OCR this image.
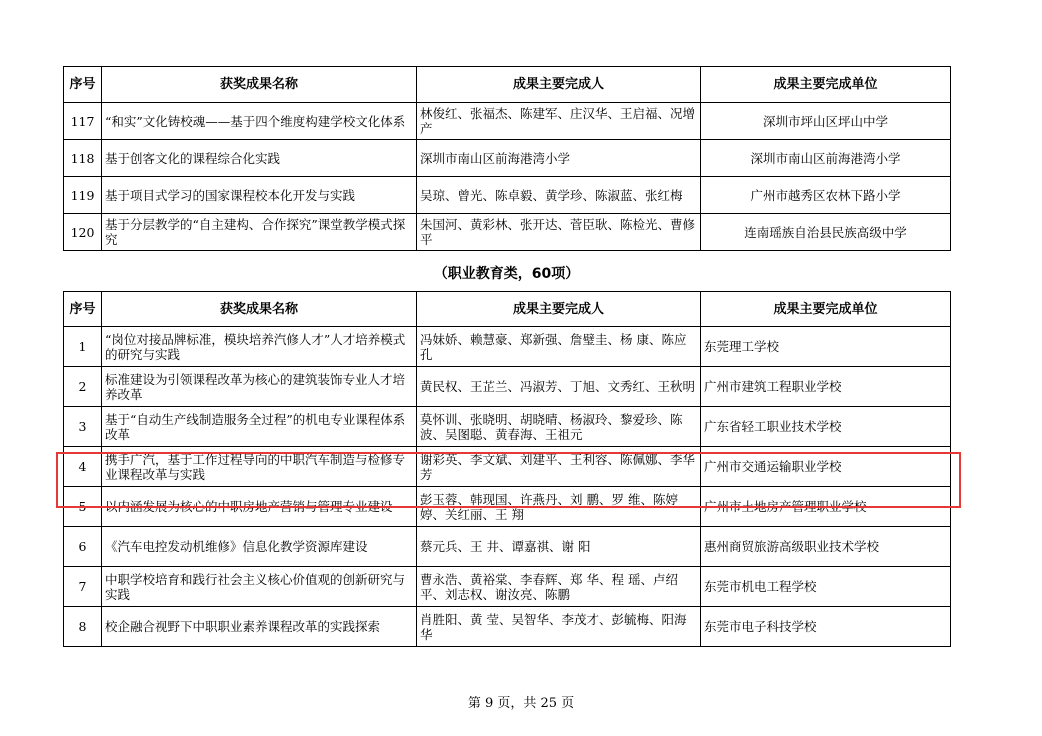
序号	获奖成果名称	成果主要完成人	成果主要完成单位
117	“和实”文化铸校魂——基于四个维度构建学校文化体系	林俊红、张福杰、陈建军、庄汉华、王启福、况增产	深圳市坪山区坪山中学
118	基于创客文化的课程综合化实践	深圳市南山区前海港湾小学	深圳市南山区前海港湾小学
119	基于项目式学习的国家课程校本化开发与实践	吴琼、曾光、陈卓毅、黄学珍、陈淑蓝、张红梅	广州市越秀区农林下路小学
120	基于分层教学的“自主建构、合作探究”课堂教学模式探究	朱国河、黄彩林、张开达、菅臣耿、陈检光、曹修平	连南瑶族自治县民族高级中学
（职业教育类，60项）
序号	获奖成果名称	成果主要完成人	成果主要完成单位
1	“岗位对接品牌标准，模块培养汽修人才”人才培养模式的研究与实践	冯妹娇、赖慧豪、郑新强、詹璧圭、杨 康、陈应孔	东莞理工学校
2	标准建设为引领课程改革为核心的建筑装饰专业人才培养改革	黄民权、王芷兰、冯淑芳、丁旭、文秀红、王秋明	广州市建筑工程职业学校
3	基于“自动生产线制造服务全过程”的机电专业课程体系改革	莫怀训、张晓明、胡晓晴、杨淑玲、黎爱珍、陈波、吴图聪、黄春海、王祖元	广东省轻工职业技术学校
4	携手广汽，基于工作过程导向的中职汽车制造与检修专业课程改革与实践	谢彩英、李文斌、刘建平、王利容、陈佩娜、李华芳	广州市交通运输职业学校
5	以内涵发展为核心的中职房地产营销与管理专业建设	彭玉蓉、韩现国、许燕丹、刘 鹏、罗 维、陈婷婷、关红丽、王 翔	广州市土地房产管理职业学校
6	《汽车电控发动机维修》信息化教学资源库建设	蔡元兵、王 井、谭嘉祺、谢 阳	惠州商贸旅游高级职业技术学校
7	中职学校培育和践行社会主义核心价值观的创新研究与实践	曹永浩、黄裕棠、李春辉、郑 华、程 瑶、卢绍平、刘志权、谢汝亮、陈鹏	东莞市机电工程学校
8	校企融合视野下中职职业素养课程改革的实践探索	肖胜阳、黄 莹、吴智华、李茂才、彭毓梅、阳海华	东莞市电子科技学校
第 9 页，共 25 页
